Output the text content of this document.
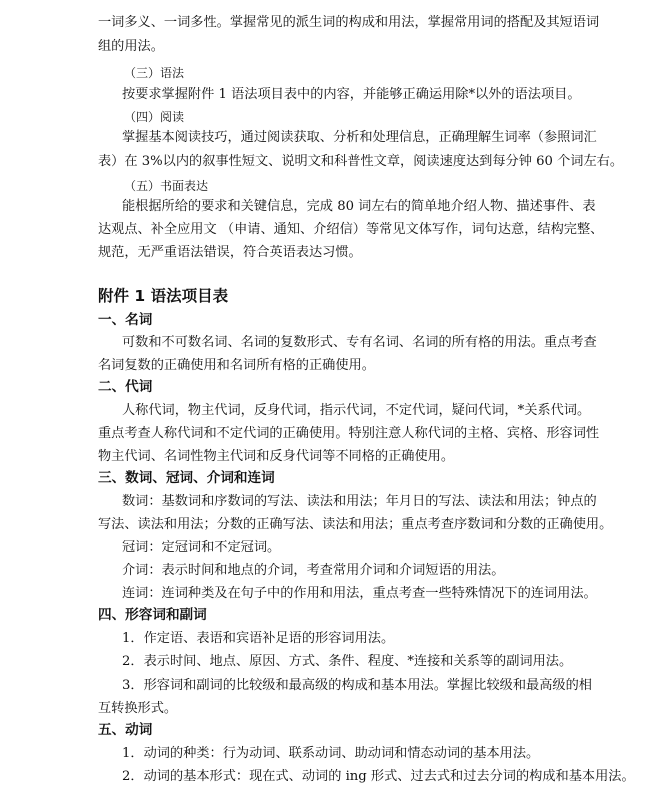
一词多义、一词多性。掌握常见的派生词的构成和用法，掌握常用词的搭配及其短语词
组的用法。
（三）语法
按要求掌握附件 1 语法项目表中的内容，并能够正确运用除*以外的语法项目。
（四）阅读
掌握基本阅读技巧，通过阅读获取、分析和处理信息，正确理解生词率（参照词汇
表）在 3%以内的叙事性短文、说明文和科普性文章，阅读速度达到每分钟 60 个词左右。
（五）书面表达
能根据所给的要求和关键信息，完成 80 词左右的简单地介绍人物、描述事件、表
达观点、补全应用文 （申请、通知、介绍信）等常见文体写作，词句达意，结构完整、
规范，无严重语法错误，符合英语表达习惯。
附件 1 语法项目表
一、名词
可数和不可数名词、名词的复数形式、专有名词、名词的所有格的用法。重点考查
名词复数的正确使用和名词所有格的正确使用。
二、代词
人称代词，物主代词，反身代词，指示代词，不定代词，疑问代词，*关系代词。
重点考查人称代词和不定代词的正确使用。特别注意人称代词的主格、宾格、形容词性
物主代词、名词性物主代词和反身代词等不同格的正确使用。
三、数词、冠词、介词和连词
数词：基数词和序数词的写法、读法和用法；年月日的写法、读法和用法；钟点的
写法、读法和用法；分数的正确写法、读法和用法；重点考查序数词和分数的正确使用。
冠词：定冠词和不定冠词。
介词：表示时间和地点的介词，考查常用介词和介词短语的用法。
连词：连词种类及在句子中的作用和用法，重点考查一些特殊情况下的连词用法。
四、形容词和副词
1．作定语、表语和宾语补足语的形容词用法。
2．表示时间、地点、原因、方式、条件、程度、*连接和关系等的副词用法。
3．形容词和副词的比较级和最高级的构成和基本用法。掌握比较级和最高级的相
互转换形式。
五、动词
1．动词的种类：行为动词、联系动词、助动词和情态动词的基本用法。
2．动词的基本形式：现在式、动词的 ing 形式、过去式和过去分词的构成和基本用法。
